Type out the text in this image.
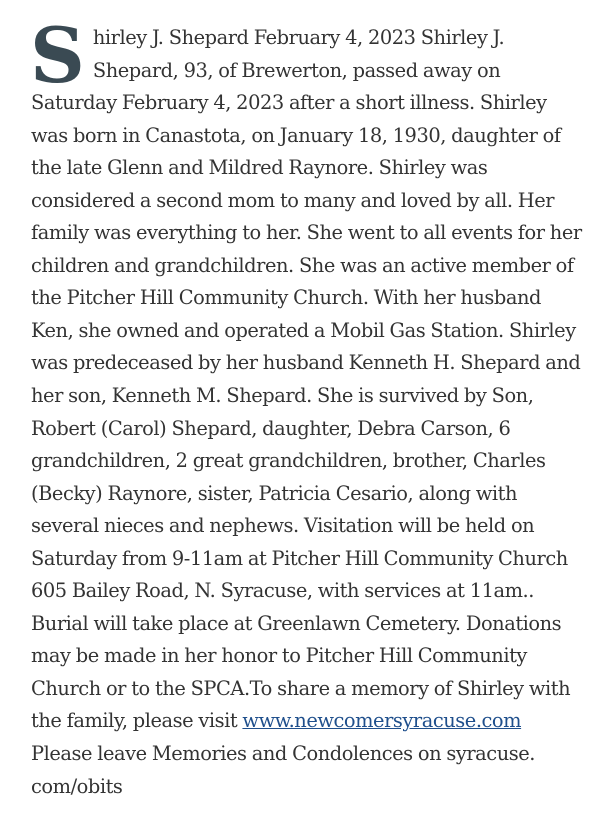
Shirley J. Shepard February 4, 2023 Shirley J. Shepard, 93, of Brewerton, passed away on Saturday February 4, 2023 after a short illness. Shirley was born in Canastota, on January 18, 1930, daughter of the late Glenn and Mildred Raynore. Shirley was considered a second mom to many and loved by all. Her family was everything to her. She went to all events for her children and grandchildren. She was an active member of the Pitcher Hill Community Church. With her husband Ken, she owned and operated a Mobil Gas Station. Shirley was predeceased by her husband Kenneth H. Shepard and her son, Kenneth M. Shepard. She is survived by Son, Robert (Carol) Shepard, daughter, Debra Carson, 6 grandchildren, 2 great grandchildren, brother, Charles (Becky) Raynore, sister, Patricia Cesario, along with several nieces and nephews. Visitation will be held on Saturday from 9-11am at Pitcher Hill Community Church 605 Bailey Road, N. Syracuse, with services at 11am.. Burial will take place at Greenlawn Cemetery. Donations may be made in her honor to Pitcher Hill Community Church or to the SPCA.To share a memory of Shirley with the family, please visit www.newcomersyracuse.com Please leave Memories and Condolences on syracuse. com/obits
